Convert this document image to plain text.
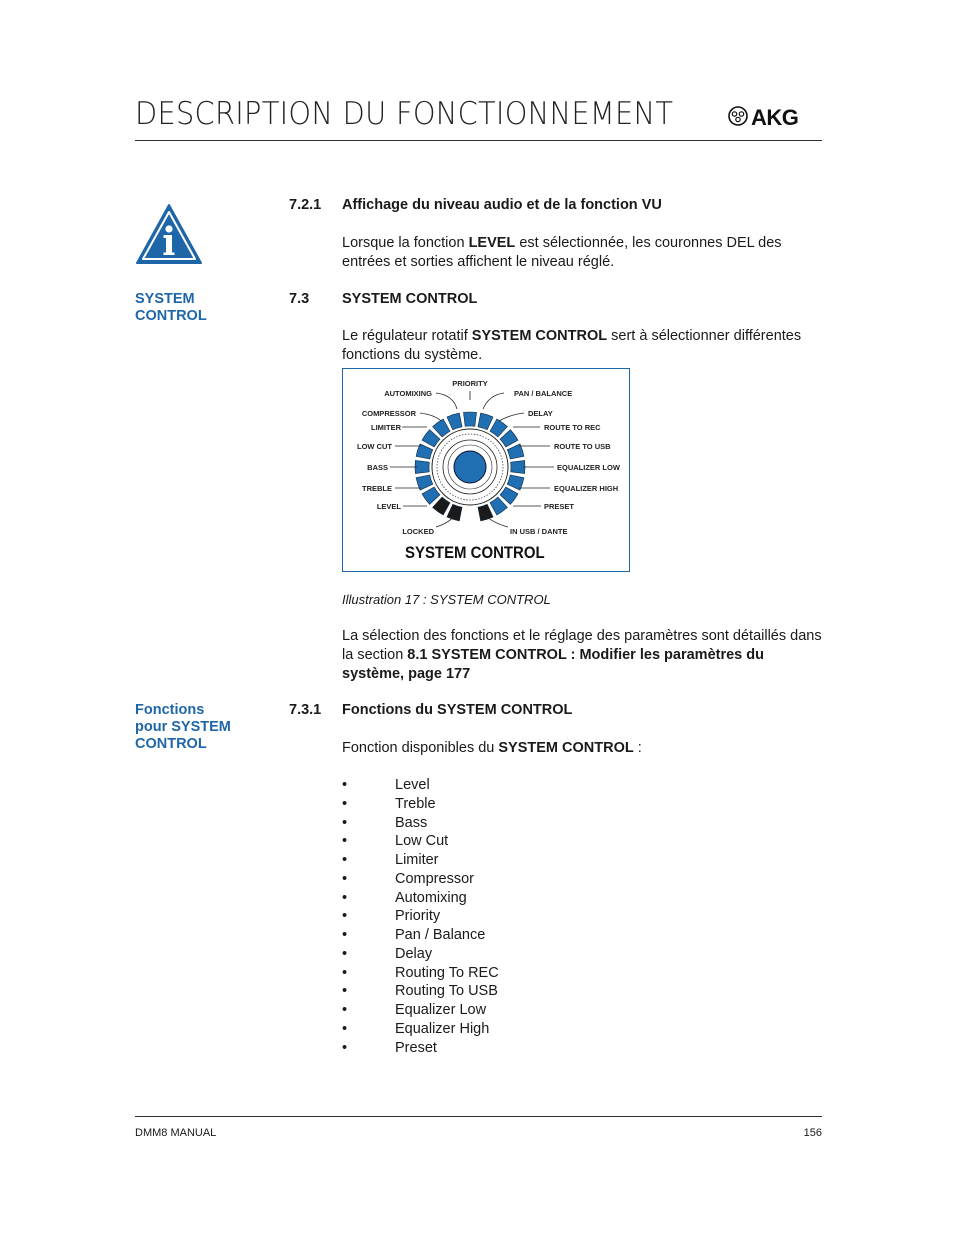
DESCRIPTION DU FONCTIONNEMENT	AKG
7.2.1 Affichage du niveau audio et de la fonction VU
Lorsque la fonction LEVEL est sélectionnée, les couronnes DEL des entrées et sorties affichent le niveau réglé.
SYSTEM
CONTROL
7.3 SYSTEM CONTROL
Le régulateur rotatif SYSTEM CONTROL sert à sélectionner différentes fonctions du système.
PRIORITY
AUTOMIXING	PAN / BALANCE
COMPRESSOR	DELAY
LIMITER	ROUTE TO REC
LOW CUT	ROUTE TO USB
BASS	EQUALIZER LOW
TREBLE	EQUALIZER HIGH
LEVEL	PRESET
LOCKED	IN USB / DANTE
SYSTEM CONTROL
Illustration 17 : SYSTEM CONTROL
La sélection des fonctions et le réglage des paramètres sont détaillés dans la section 8.1 SYSTEM CONTROL : Modifier les paramètres du système, page 177
Fonctions
pour SYSTEM
CONTROL
7.3.1 Fonctions du SYSTEM CONTROL
Fonction disponibles du SYSTEM CONTROL :
•	Level
•	Treble
•	Bass
•	Low Cut
•	Limiter
•	Compressor
•	Automixing
•	Priority
•	Pan / Balance
•	Delay
•	Routing To REC
•	Routing To USB
•	Equalizer Low
•	Equalizer High
•	Preset
DMM8 MANUAL	156
